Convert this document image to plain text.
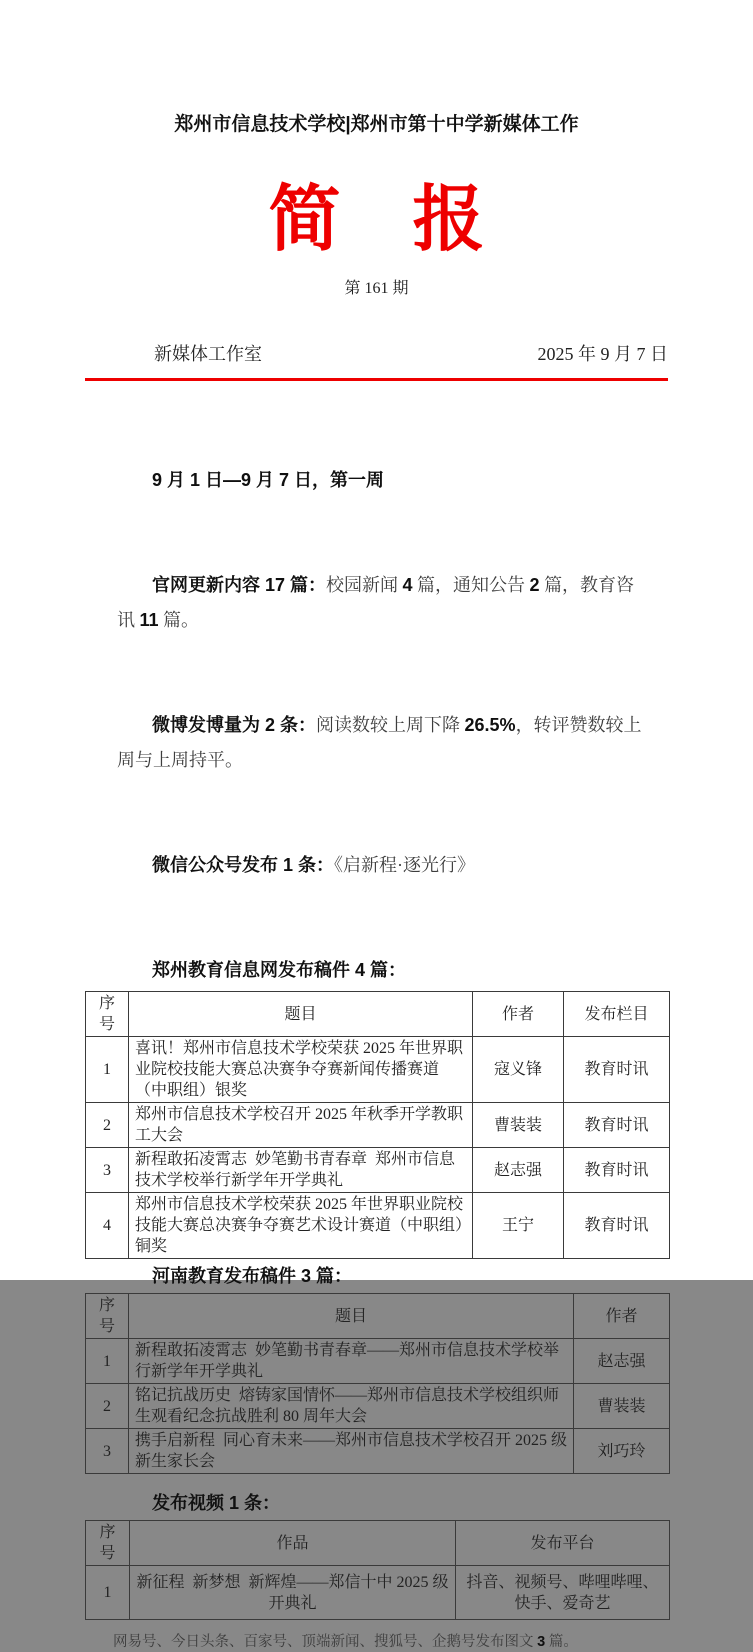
郑州市信息技术学校|郑州市第十中学新媒体工作
简　报
第 161 期
新媒体工作室	2025 年 9 月 7 日

9 月 1 日—9 月 7 日，第一周

官网更新内容 17 篇：校园新闻 4 篇，通知公告 2 篇，教育咨讯 11 篇。

微博发博量为 2 条：阅读数较上周下降 26.5%，转评赞数较上周与上周持平。

微信公众号发布 1 条：《启新程·逐光行》

郑州教育信息网发布稿件 4 篇：
序号	题目	作者	发布栏目
1	喜讯！郑州市信息技术学校荣获 2025 年世界职业院校技能大赛总决赛争夺赛新闻传播赛道（中职组）银奖	寇义锋	教育时讯
2	郑州市信息技术学校召开 2025 年秋季开学教职工大会	曹装装	教育时讯
3	新程敢拓凌霄志  妙笔勤书青春章  郑州市信息技术学校举行新学年开学典礼	赵志强	教育时讯
4	郑州市信息技术学校荣获 2025 年世界职业院校技能大赛总决赛争夺赛艺术设计赛道（中职组）铜奖	王宁	教育时讯
河南教育发布稿件 3 篇：
序号	题目	作者
1	新程敢拓凌霄志  妙笔勤书青春章——郑州市信息技术学校举行新学年开学典礼	赵志强
2	铭记抗战历史  熔铸家国情怀——郑州市信息技术学校组织师生观看纪念抗战胜利 80 周年大会	曹装装
3	携手启新程  同心育未来——郑州市信息技术学校召开 2025 级新生家长会	刘巧玲
发布视频 1 条：
序号	作品	发布平台
1	新征程  新梦想  新辉煌——郑信十中 2025 级开典礼	抖音、视频号、哔哩哔哩、快手、爱奇艺
网易号、今日头条、百家号、顶端新闻、搜狐号、企鹅号发布图文 3 篇。
